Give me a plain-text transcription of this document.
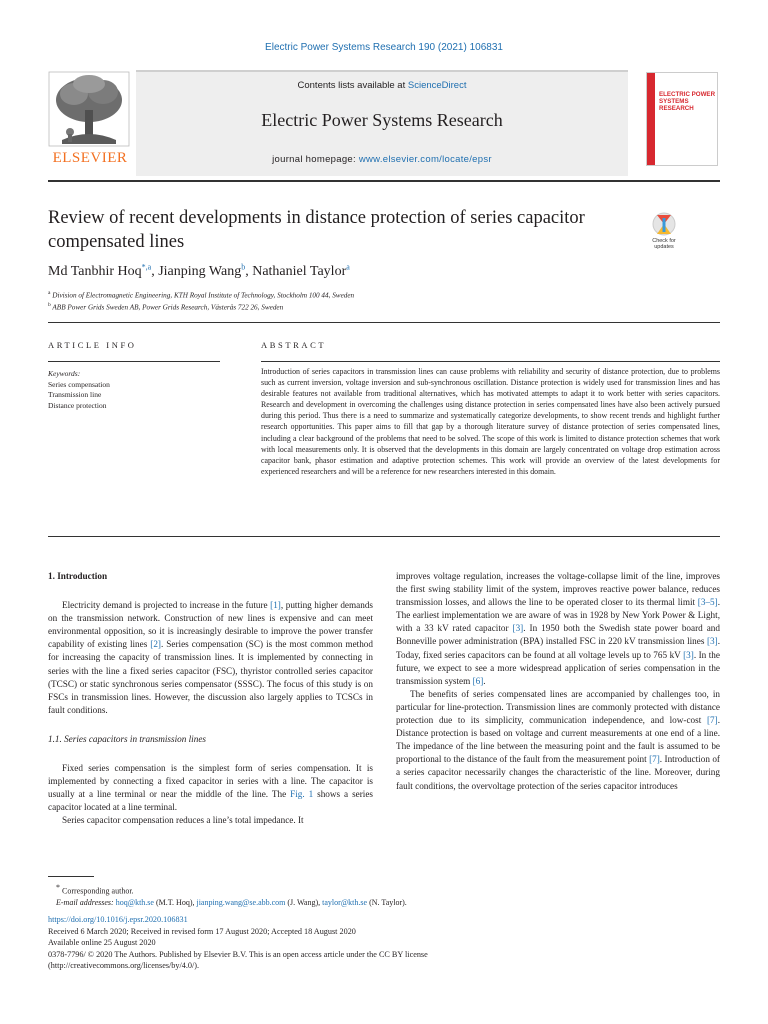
Electric Power Systems Research 190 (2021) 106831
ELSEVIER
Contents lists available at ScienceDirect
Electric Power Systems Research
journal homepage: www.elsevier.com/locate/epsr
ELECTRIC POWER
SYSTEMS RESEARCH
Review of recent developments in distance protection of series capacitor compensated lines	Check for updates
Md Tanbhir Hoq$^{*,a}$, Jianping Wang$^b$, Nathaniel Taylor$^a$
$^a$ Division of Electromagnetic Engineering, KTH Royal Institute of Technology, Stockholm 100 44, Sweden
$^b$ ABB Power Grids Sweden AB, Power Grids Research, Västerås 722 26, Sweden
ARTICLE INFO	ABSTRACT
Keywords:
Series compensation
Transmission line
Distance protection
Introduction of series capacitors in transmission lines can cause problems with reliability and security of distance protection, due to problems such as current inversion, voltage inversion and sub-synchronous oscillation. Distance protection is widely used for transmission lines and has desirable features not available from traditional alternatives, which has motivated attempts to adapt it to work better with series capacitors. Research and development in overcoming the challenges using distance protection in series compensated lines have also been actively pursued during this period. Thus there is a need to summarize and systematically categorize developments, to show recent trends and highlight further research opportunities. This paper aims to fill that gap by a thorough literature survey of distance protection of series compensated lines, including a clear background of the problems that need to be solved. The scope of this work is limited to distance protection schemes that work with local measurements only. It is observed that the developments in this domain are largely concentrated on voltage drop estimation across capacitor bank, phasor estimation and adaptive protection schemes. This work will provide an overview of the latest developments for experienced researchers and will be a reference for new researchers interested in this domain.
1. Introduction

Electricity demand is projected to increase in the future [1], putting higher demands on the transmission network. Construction of new lines is expensive and can meet environmental opposition, so it is increasingly desirable to improve the power transfer capability of existing lines [2]. Series compensation (SC) is the most common method for increasing the capacity of transmission lines. It is implemented by connecting in series with the line a fixed series capacitor (FSC), thyristor controlled series capacitor (TCSC) or static synchronous series compensator (SSSC). The focus of this study is on FSCs in transmission lines. However, the discussion also largely applies to TCSCs in fault conditions.

1.1. Series capacitors in transmission lines

Fixed series compensation is the simplest form of series compensation. It is implemented by connecting a fixed capacitor in series with a line. The capacitor is usually at a line terminal or near the middle of the line. The Fig. 1 shows a series capacitor located at a line terminal.

Series capacitor compensation reduces a line’s total impedance. It

improves voltage regulation, increases the voltage-collapse limit of the line, improves the first swing stability limit of the system, improves reactive power balance, reduces transmission losses, and allows the line to be operated closer to its thermal limit [3–5]. The earliest implementation we are aware of was in 1928 by New York Power & Light, with a 33 kV rated capacitor [3]. In 1950 both the Swedish state power board and Bonneville power administration (BPA) installed FSC in 220 kV transmission lines [3]. Today, fixed series capacitors can be found at all voltage levels up to 765 kV [3]. In the future, we expect to see a more widespread application of series compensation in the transmission system [6].

The benefits of series compensated lines are accompanied by challenges too, in particular for line-protection. Transmission lines are commonly protected with distance protection due to its simplicity, communication independence, and low-cost [7]. Distance protection is based on voltage and current measurements at one end of a line. The impedance of the line between the measuring point and the fault is assumed to be proportional to the distance of the fault from the measurement point [7]. Introduction of a series capacitor necessarily changes the characteristic of the line. Moreover, during fault conditions, the overvoltage protection of the series capacitor introduces

* Corresponding author.
E-mail addresses: hoq@kth.se (M.T. Hoq), jianping.wang@se.abb.com (J. Wang), taylor@kth.se (N. Taylor).
https://doi.org/10.1016/j.epsr.2020.106831
Received 6 March 2020; Received in revised form 17 August 2020; Accepted 18 August 2020
Available online 25 August 2020
0378-7796/ © 2020 The Authors. Published by Elsevier B.V. This is an open access article under the CC BY license
(http://creativecommons.org/licenses/by/4.0/).
